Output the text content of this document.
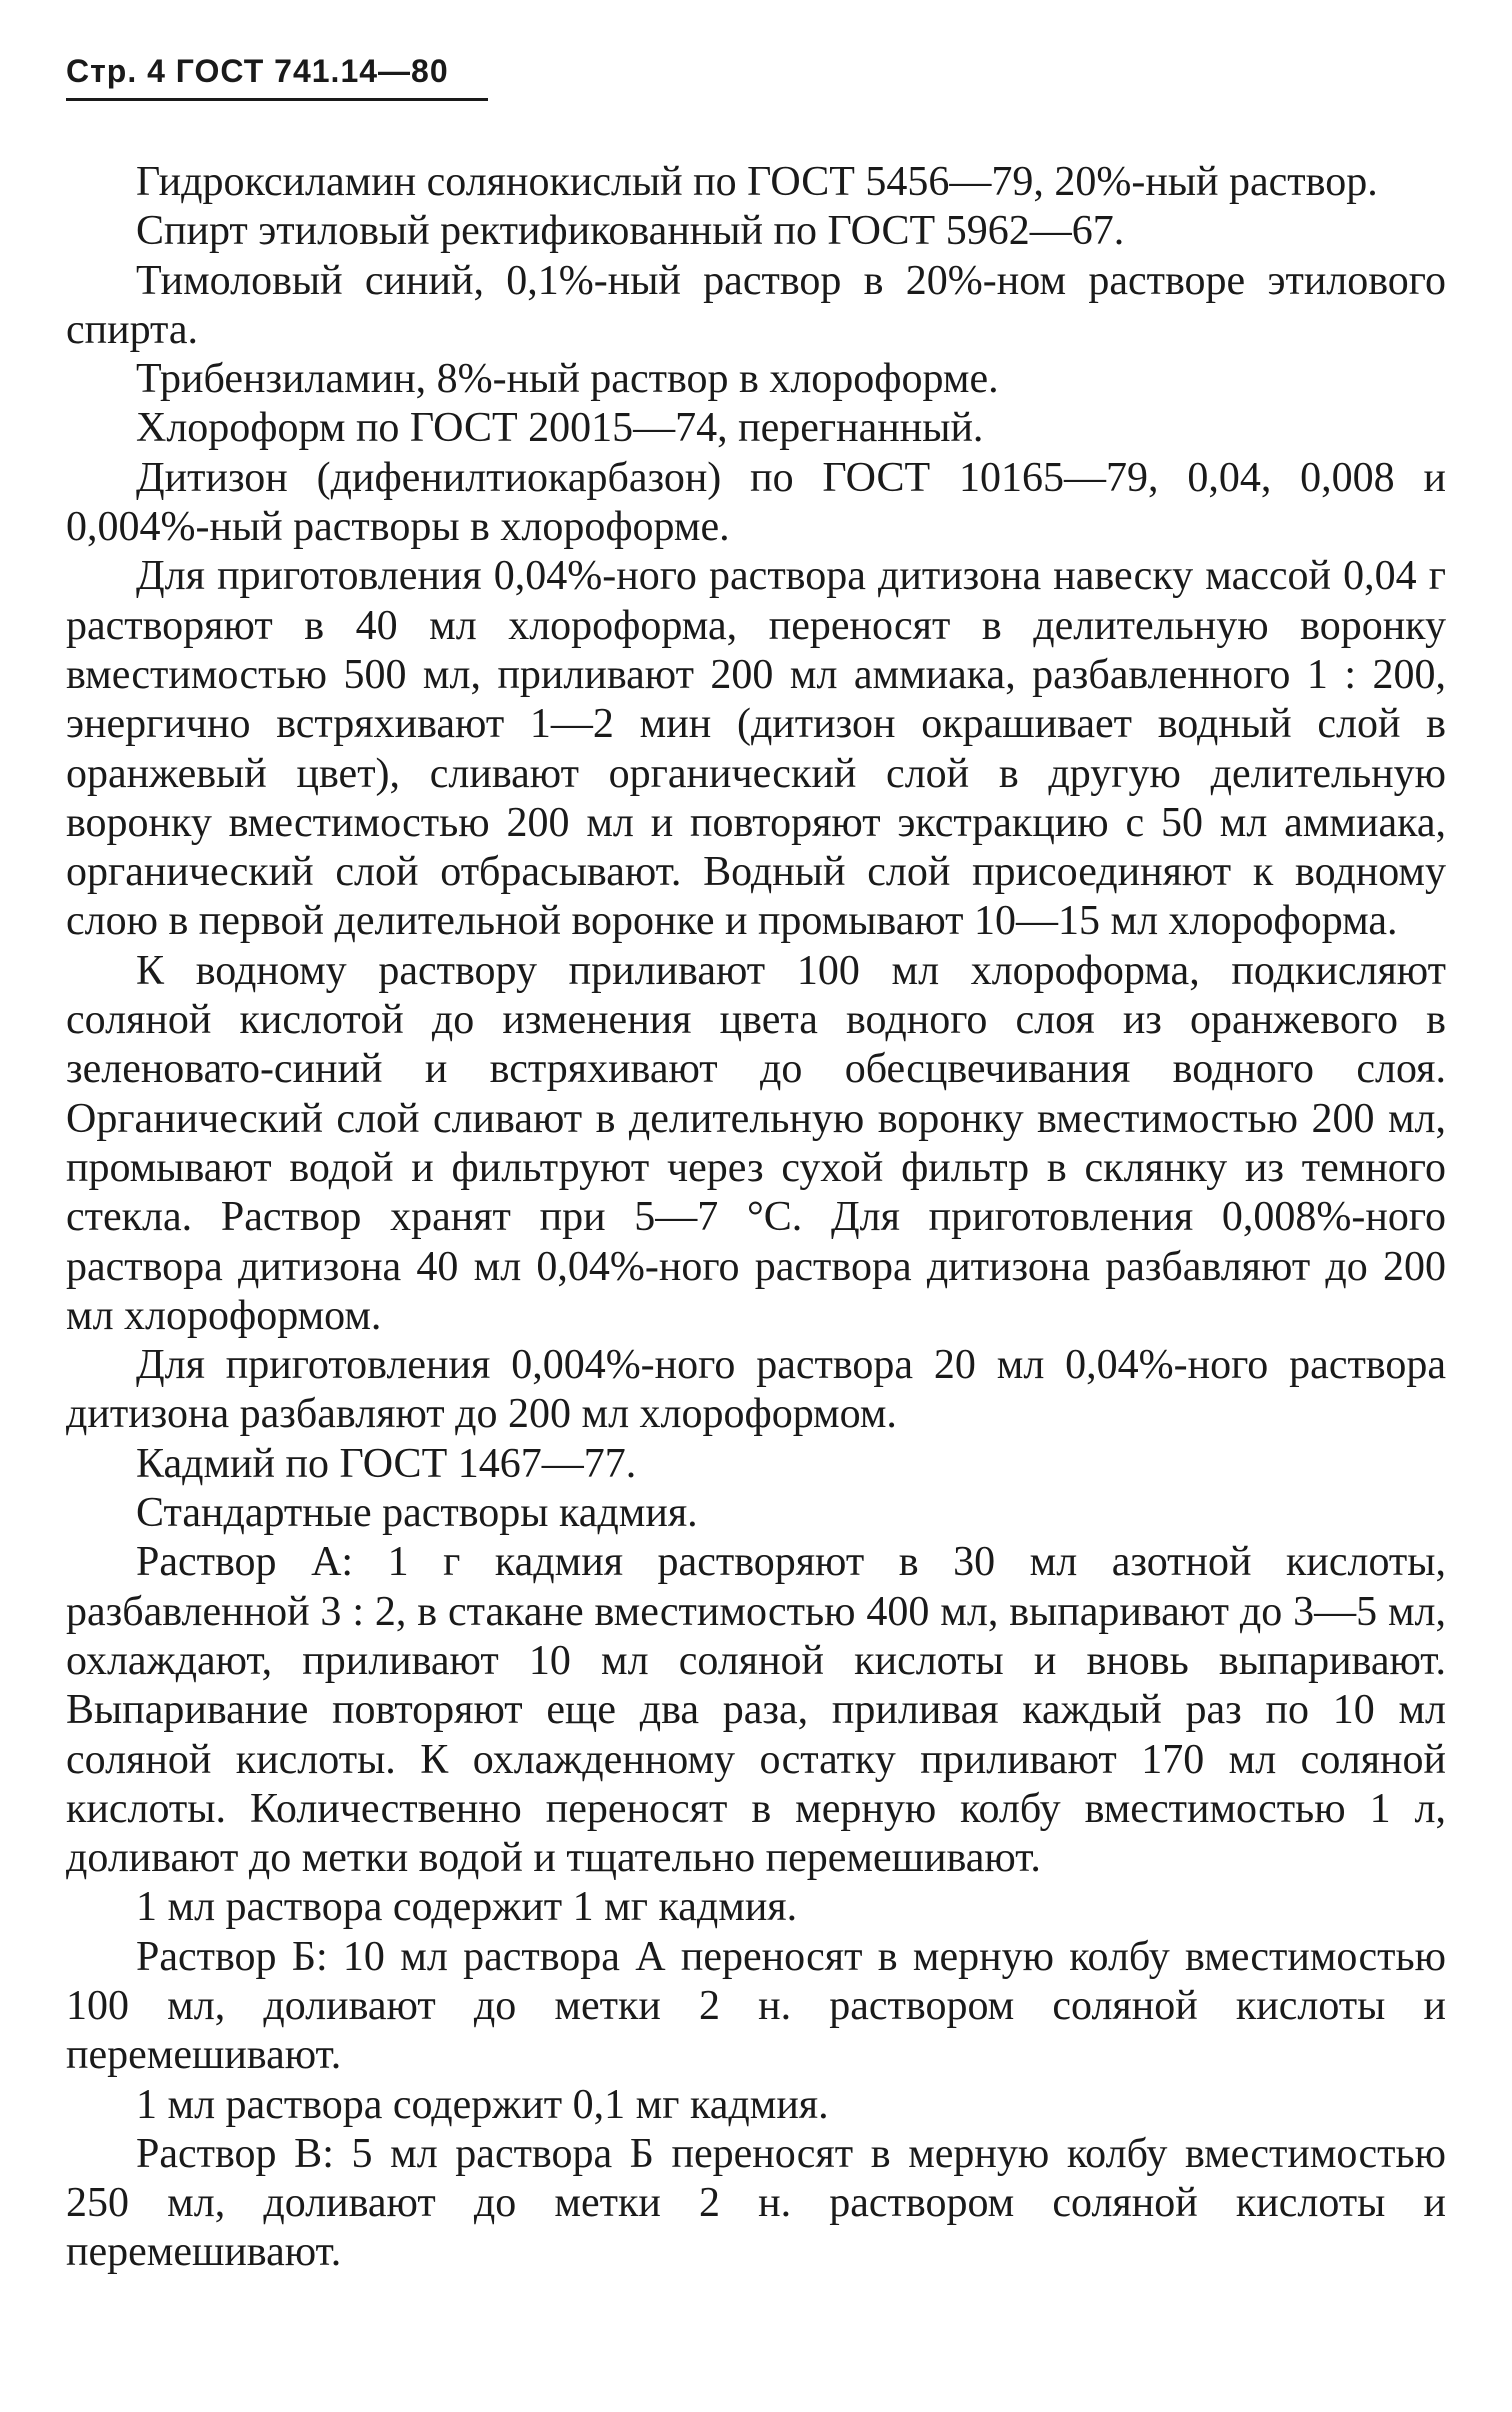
Стр. 4 ГОСТ 741.14—80

Гидроксиламин солянокислый по ГОСТ 5456—79, 20%-ный раствор.

Спирт этиловый ректификованный по ГОСТ 5962—67.

Тимоловый синий, 0,1%-ный раствор в 20%-ном растворе этилового спирта.

Трибензиламин, 8%-ный раствор в хлороформе.

Хлороформ по ГОСТ 20015—74, перегнанный.

Дитизон (дифенилтиокарбазон) по ГОСТ 10165—79, 0,04, 0,008 и 0,004%-ный растворы в хлороформе.

Для приготовления 0,04%-ного раствора дитизона навеску массой 0,04 г растворяют в 40 мл хлороформа, переносят в делительную воронку вместимостью 500 мл, приливают 200 мл аммиака, разбавленного 1 : 200, энергично встряхивают 1—2 мин (дитизон окрашивает водный слой в оранжевый цвет), сливают органический слой в другую делительную воронку вместимостью 200 мл и повторяют экстракцию с 50 мл аммиака, органический слой отбрасывают. Водный слой присоединяют к водному слою в первой делительной воронке и промывают 10—15 мл хлороформа.

К водному раствору приливают 100 мл хлороформа, подкисляют соляной кислотой до изменения цвета водного слоя из оранжевого в зеленовато-синий и встряхивают до обесцвечивания водного слоя. Органический слой сливают в делительную воронку вместимостью 200 мл, промывают водой и фильтруют через сухой фильтр в склянку из темного стекла. Раствор хранят при 5—7 °С. Для приготовления 0,008%-ного раствора дитизона 40 мл 0,04%-ного раствора дитизона разбавляют до 200 мл хлороформом.

Для приготовления 0,004%-ного раствора 20 мл 0,04%-ного раствора дитизона разбавляют до 200 мл хлороформом.

Кадмий по ГОСТ 1467—77.

Стандартные растворы кадмия.

Раствор А: 1 г кадмия растворяют в 30 мл азотной кислоты, разбавленной 3 : 2, в стакане вместимостью 400 мл, выпаривают до 3—5 мл, охлаждают, приливают 10 мл соляной кислоты и вновь выпаривают. Выпаривание повторяют еще два раза, приливая каждый раз по 10 мл соляной кислоты. К охлажденному остатку приливают 170 мл соляной кислоты. Количественно переносят в мерную колбу вместимостью 1 л, доливают до метки водой и тщательно перемешивают.

1 мл раствора содержит 1 мг кадмия.

Раствор Б: 10 мл раствора А переносят в мерную колбу вместимостью 100 мл, доливают до метки 2 н. раствором соляной кислоты и перемешивают.

1 мл раствора содержит 0,1 мг кадмия.

Раствор В: 5 мл раствора Б переносят в мерную колбу вместимостью 250 мл, доливают до метки 2 н. раствором соляной кислоты и перемешивают.
